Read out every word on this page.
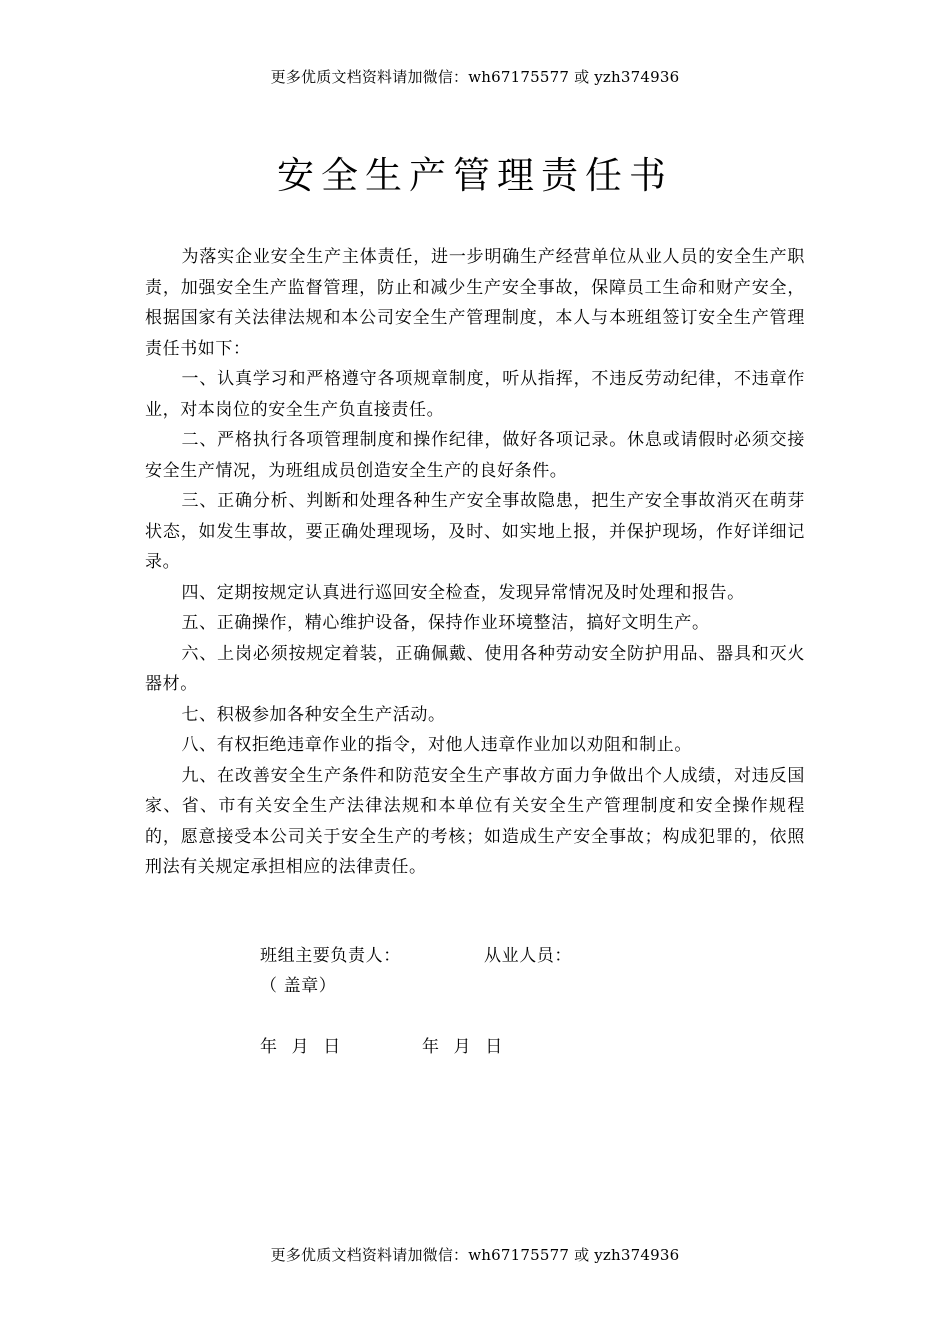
更多优质文档资料请加微信：wh67175577 或 yzh374936
安全生产管理责任书

为落实企业安全生产主体责任，进一步明确生产经营单位从业人员的安全生产职责，加强安全生产监督管理，防止和减少生产安全事故，保障员工生命和财产安全，根据国家有关法律法规和本公司安全生产管理制度，本人与本班组签订安全生产管理责任书如下：

一、认真学习和严格遵守各项规章制度，听从指挥，不违反劳动纪律，不违章作业，对本岗位的安全生产负直接责任。

二、严格执行各项管理制度和操作纪律，做好各项记录。休息或请假时必须交接安全生产情况，为班组成员创造安全生产的良好条件。

三、正确分析、判断和处理各种生产安全事故隐患，把生产安全事故消灭在萌芽状态，如发生事故，要正确处理现场，及时、如实地上报，并保护现场，作好详细记录。

四、定期按规定认真进行巡回安全检查，发现异常情况及时处理和报告。

五、正确操作，精心维护设备，保持作业环境整洁，搞好文明生产。

六、上岗必须按规定着装，正确佩戴、使用各种劳动安全防护用品、器具和灭火器材。

七、积极参加各种安全生产活动。

八、有权拒绝违章作业的指令，对他人违章作业加以劝阻和制止。

九、在改善安全生产条件和防范安全生产事故方面力争做出个人成绩，对违反国家、省、市有关安全生产法律法规和本单位有关安全生产管理制度和安全操作规程的，愿意接受本公司关于安全生产的考核；如造成生产安全事故；构成犯罪的，依照刑法有关规定承担相应的法律责任。

班组主要负责人：	从业人员：
（ 盖章）
年 月 日	年 月 日
更多优质文档资料请加微信：wh67175577 或 yzh374936
